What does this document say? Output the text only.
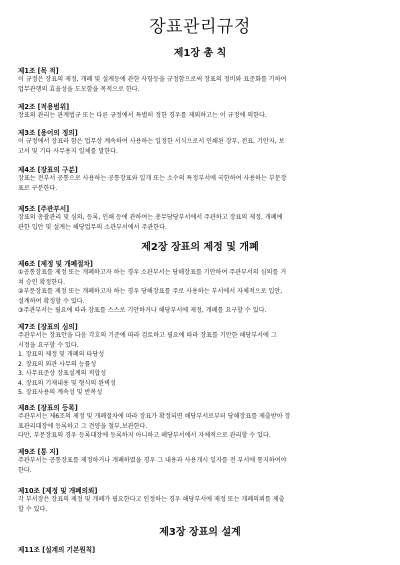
장표관리규정
제1장 총 칙
제1조 [목 적]
이 규정은 장표의 제정, 개폐 및 설계등에 관한 사항등을 규정함으로써 장표의 정비와 표준화를 기하여
업무관행의 효율성을 도모함을 목적으로 한다.
제2조 [적용범위]
장표의 관리는 관계법규 또는 다른 규정에서 특별히 정한 경우를 제외하고는 이 규정에 의한다.
제3조 [용어의 정의]
이 규정에서 장표라 함은 업무상 계속하여 사용하는 일정한 서식으로서 인쇄된 장부, 전표, 기안지, 보
고서 및 기타 사무용지 일체를 말한다.
제4조 [장표의 구분]
장표는 전부서 공통으로 사용하는 공통장표와 일개 또는 소수의 특정부서에 국한하여 사용하는 부문장
표로 구분한다.
제5조 [주관부서]
장표의 총괄관리 및 심의, 등록, 인쇄 등에 관하여는 총무담당부서에서 주관하고 장표의 제정, 개폐에
관한 입안 및 설계는 해당업무의 소관부서에서 주관한다.
제2장 장표의 제정 및 개폐
제6조 [제정 및 개폐절차]
①공통장표를 제정 또는 개폐하고자 하는 경우 소관부서는 당해장표를 기안하여 주관부서의 심의를 거
쳐 승인 확정한다.
②부문장표를 제정 또는 개폐하고자 하는 경우 당해장표를 주로 사용하는 부서에서 자체적으로 입안,
설계하여 확정할 수 있다.
③주관부서는 필요에 따라 장표를 스스로 기안하거나 해당부서에 제정, 개폐를 요구할 수 있다.
제7조 [장표의 심의]
주관부서는 장표안을 다음 각호의 기준에 따라 검토하고 필요에 따라 장표를 기안한 해당부서에 그
시정을 요구할 수 있다.
1. 장표의 제정 및 개폐의 타당성
2. 장표의 외관 사무의 능률성
3. 사무표준상 장표설계의 적합성
4. 장표의 기재내용 및 형식의 완벽성
5. 장표사용의 계속성 및 반복성
제8조 [장표의 등록]
주관부서는 제6조의 제정 및 개폐절차에 따라 장표가 확정되면 해당부서로부터 당해장표를 제출받아 장
표관리대장에 등록하고 그 견양을 철부,보관한다.
다만, 부문장표의 경우 등록대장에 등록하지 아니하고 해당부서에서 자체적으로 관리할 수 있다.
제9조 [통 지]
주관부서는 공통장표를 제정하거나 개폐하였을 경우 그 내용과 사용개시 일자를 전 부서에 통지하여야
한다.
제10조 [제정 및 개폐의뢰]
각 부서장은 장표의 제정 및 개폐가 필요한다고 인정하는 경우 해당부서에 제정 또는 개폐의뢰를 제출
할 수 있다.
제3장 장표의 설계
제11조 [설계의 기본원칙]
